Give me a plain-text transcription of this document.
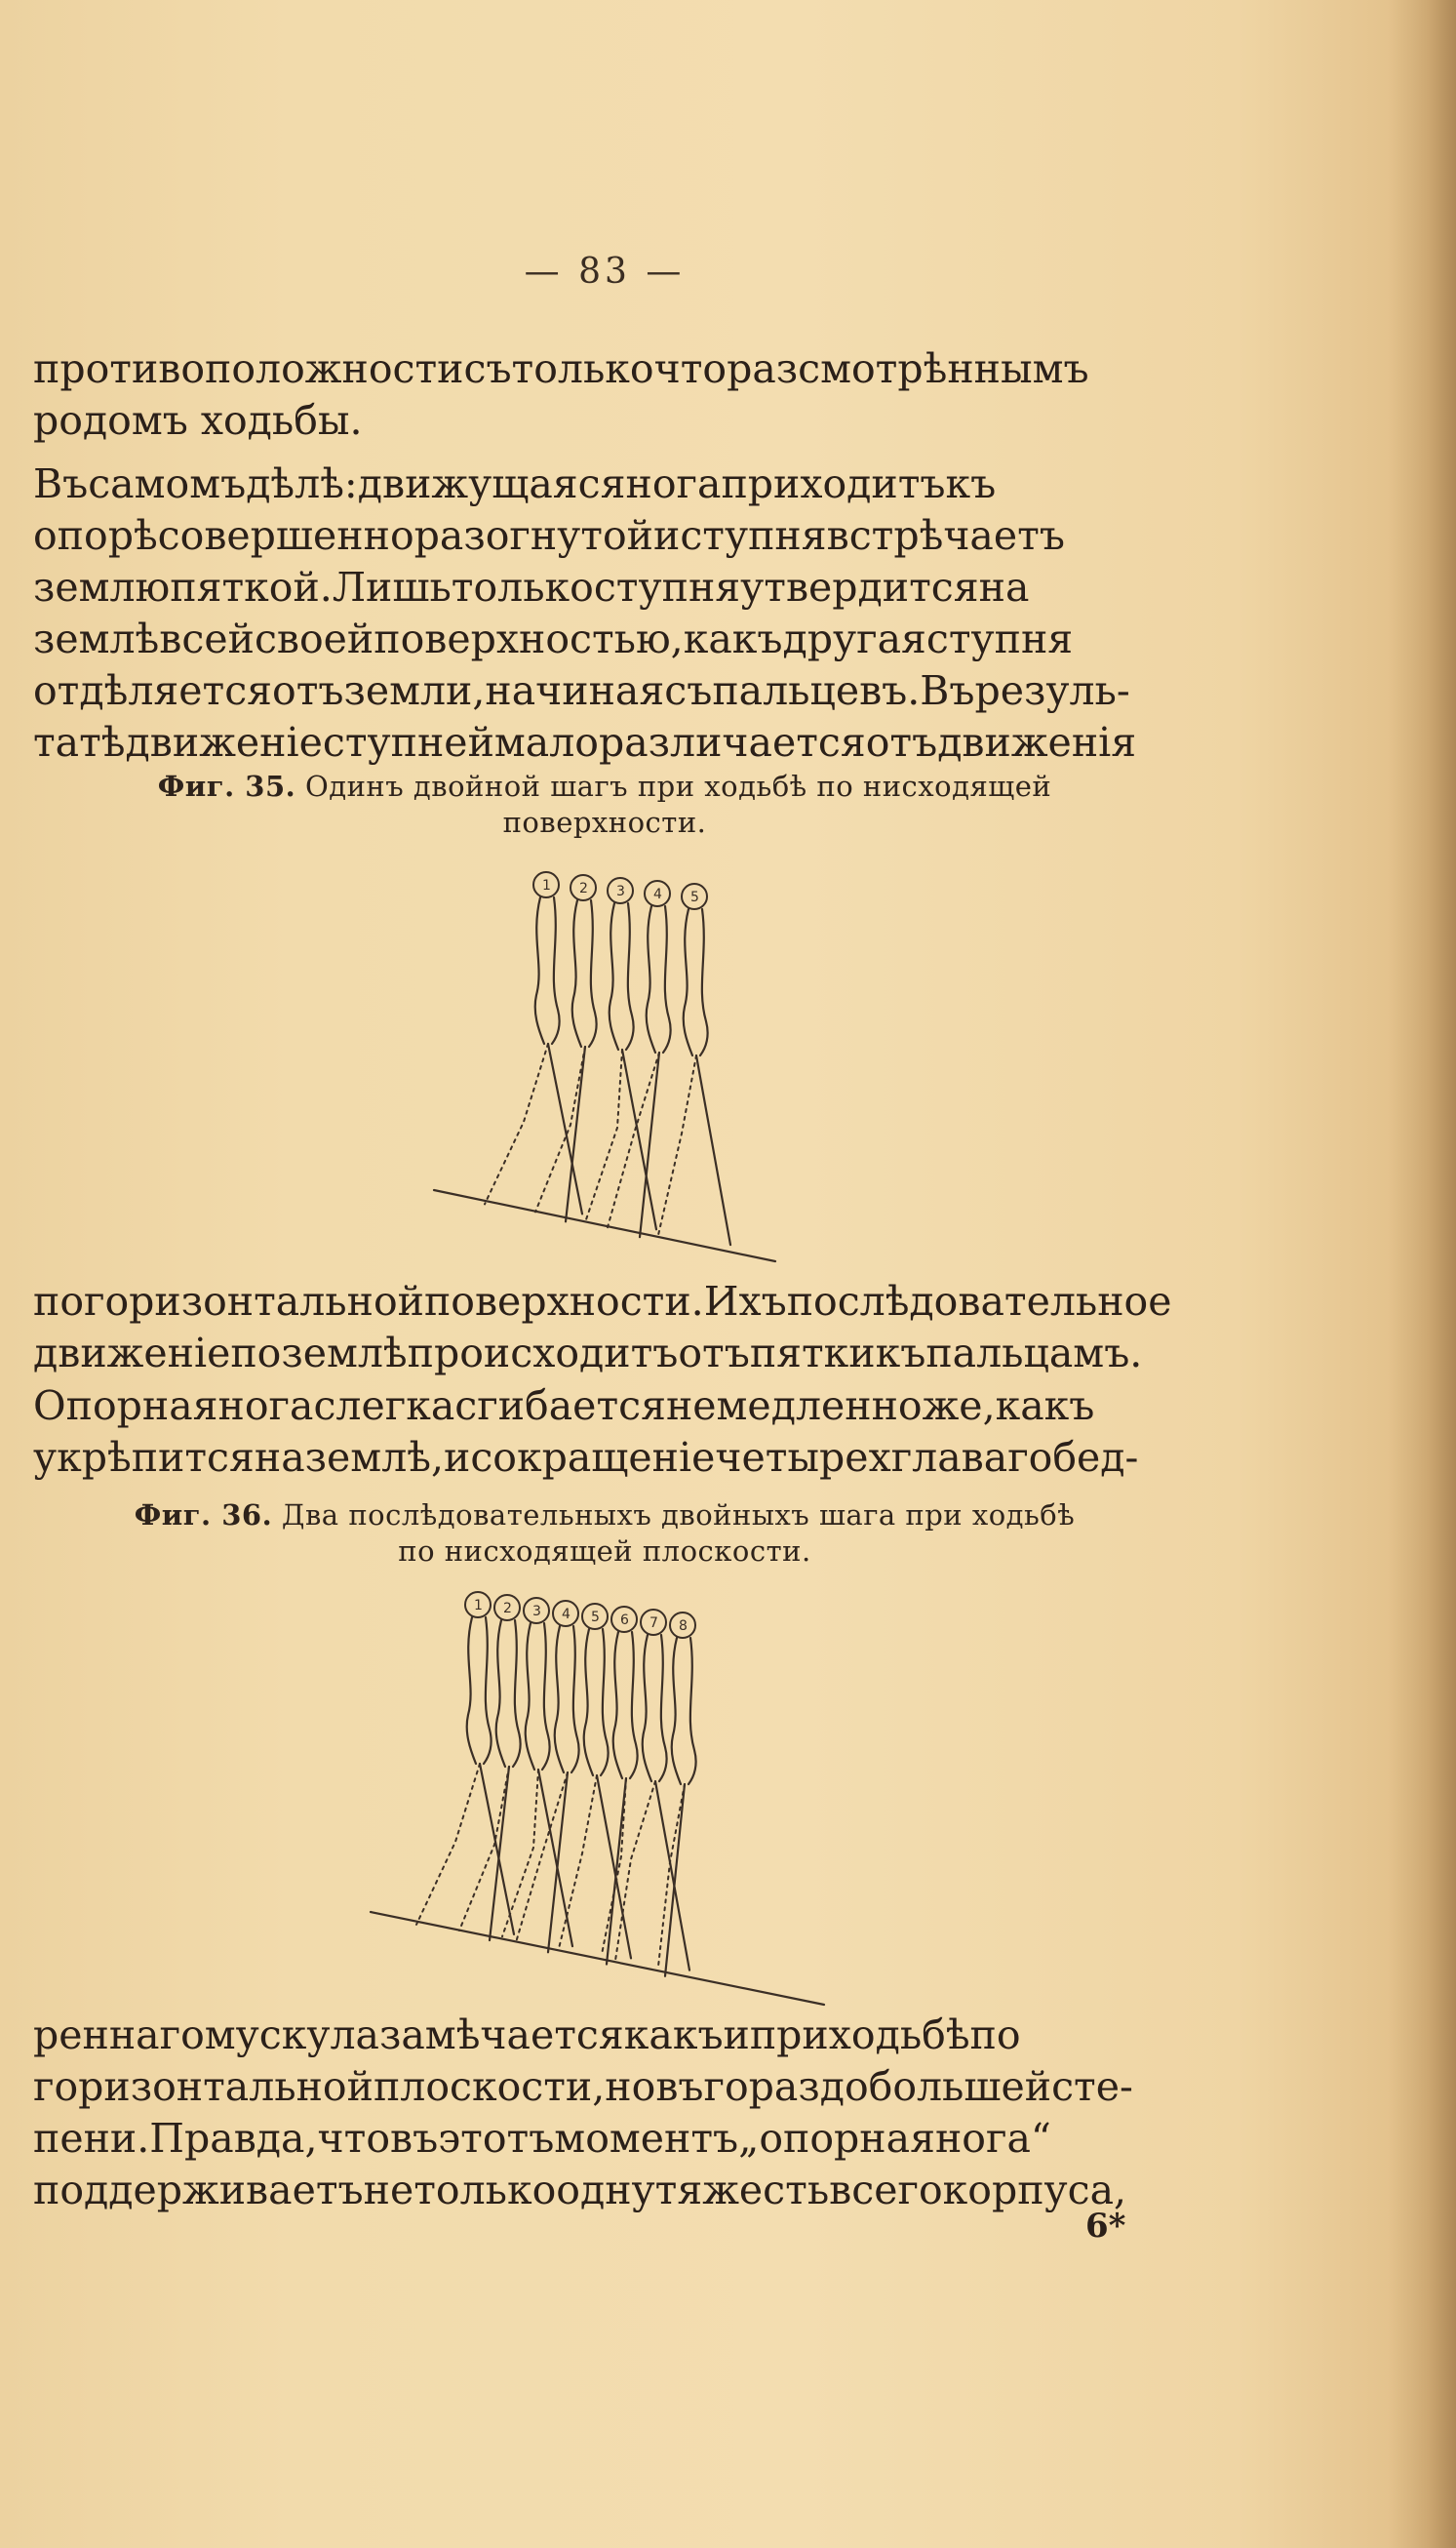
— 83 —
противоположностисътолькочторазсмотрѣннымъ
родомъ ходьбы.
Въсамомъдѣлѣ:движущаясяногаприходитъкъ
опорѣсовершенноразогнутойиступнявстрѣчаетъ
землюпяткой.Лишьтолькоступняутвердитсяна
землѣвсейсвоейповерхностью,какъдругаяступня
отдѣляетсяотъземли,начинаясъпальцевъ.Върезуль-
татѣдвиженiеступнеймалоразличаетсяотъдвиженiя
Фиг. 35. Одинъ двойной шагъ при ходьбѣ по нисходящей
поверхности.
1 2 3 4 5
погоризонтальнойповерхности.Ихъпослѣдовательное
движенiепоземлѣпроисходитъотъпяткикъпальцамъ.
Опорнаяногаслегкасгибаетсянемедленноже,какъ
укрѣпитсяназемлѣ,исокращенiечетырехглавагобед-
Фиг. 36. Два послѣдовательныхъ двойныхъ шага при ходьбѣ
по нисходящей плоскости.
1 2 3 4 5 6 7 8
реннагомускулазамѣчаетсякакъиприходьбѣпо
горизонтальнойплоскости,новъгораздобольшейсте-
пени.Правда,чтовъэтотъмоментъ„опорнаянога“
поддерживаетънетолькооднутяжестьвсегокорпуса,
6*
